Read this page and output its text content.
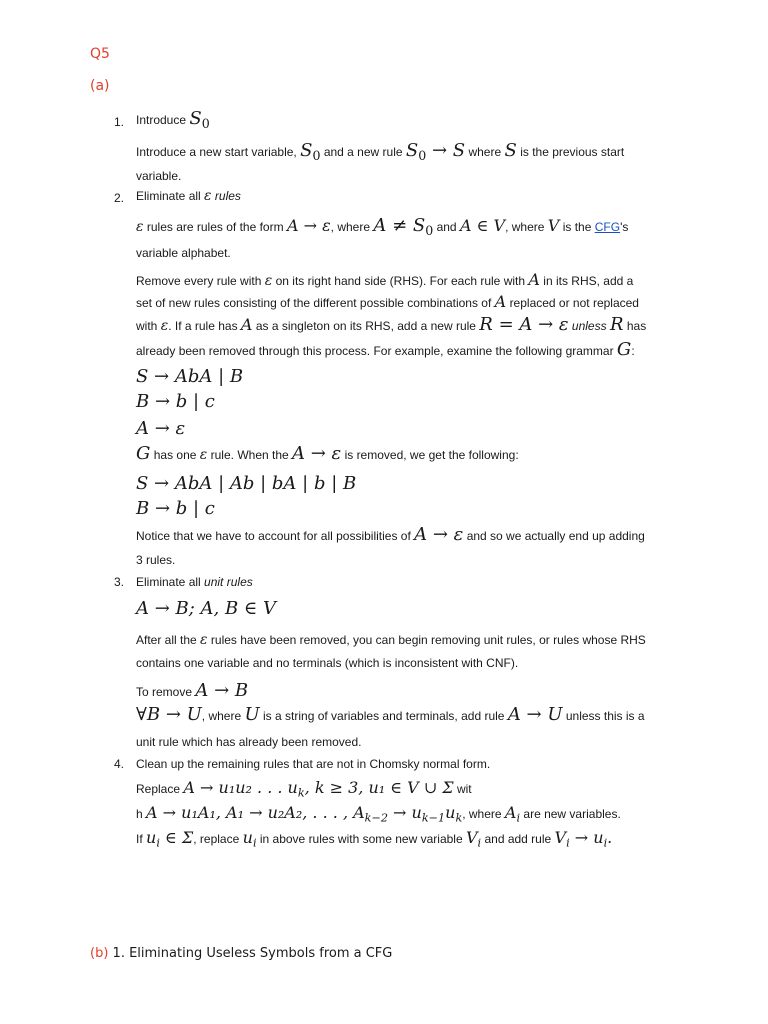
Q5
(a)
1. Introduce $S_0$
Introduce a new start variable, $S_0$ and a new rule $S_0 \to S$ where S is the previous start
variable.
2. Eliminate all ε rules
ε rules are rules of the form A → ε, where $A \ne S_0$ and A ∈ V, where V is the CFG's
variable alphabet.
Remove every rule with ε on its right hand side (RHS). For each rule with A in its RHS, add a
set of new rules consisting of the different possible combinations of A replaced or not replaced
with ε. If a rule has A as a singleton on its RHS, add a new rule R = A → ε unless R has
already been removed through this process. For example, examine the following grammar G:
S → AbA | B
B → b | c
A → ε
G has one ε rule. When the A → ε is removed, we get the following:
S → AbA | Ab | bA | b | B
B → b | c
Notice that we have to account for all possibilities of A → ε and so we actually end up adding
3 rules.
3. Eliminate all unit rules
A → B; A, B ∈ V
After all the ε rules have been removed, you can begin removing unit rules, or rules whose RHS
contains one variable and no terminals (which is inconsistent with CNF).
To remove A → B
∀B → U, where U is a string of variables and terminals, add rule A → U unless this is a
unit rule which has already been removed.
4. Clean up the remaining rules that are not in Chomsky normal form.
Replace A → u₁u₂ . . . $u_k$, k ≥ 3, u₁ ∈ V ∪ Σ wit
h A → u₁A₁, A₁ → u₂A₂, . . . , $A_{k-2} \to u_{k-1}u_k$, where $A_i$ are new variables.
If $u_i$ ∈ Σ, replace $u_i$ in above rules with some new variable $V_i$ and add rule $V_i \to u_i$.
(b) 1. Eliminating Useless Symbols from a CFG
